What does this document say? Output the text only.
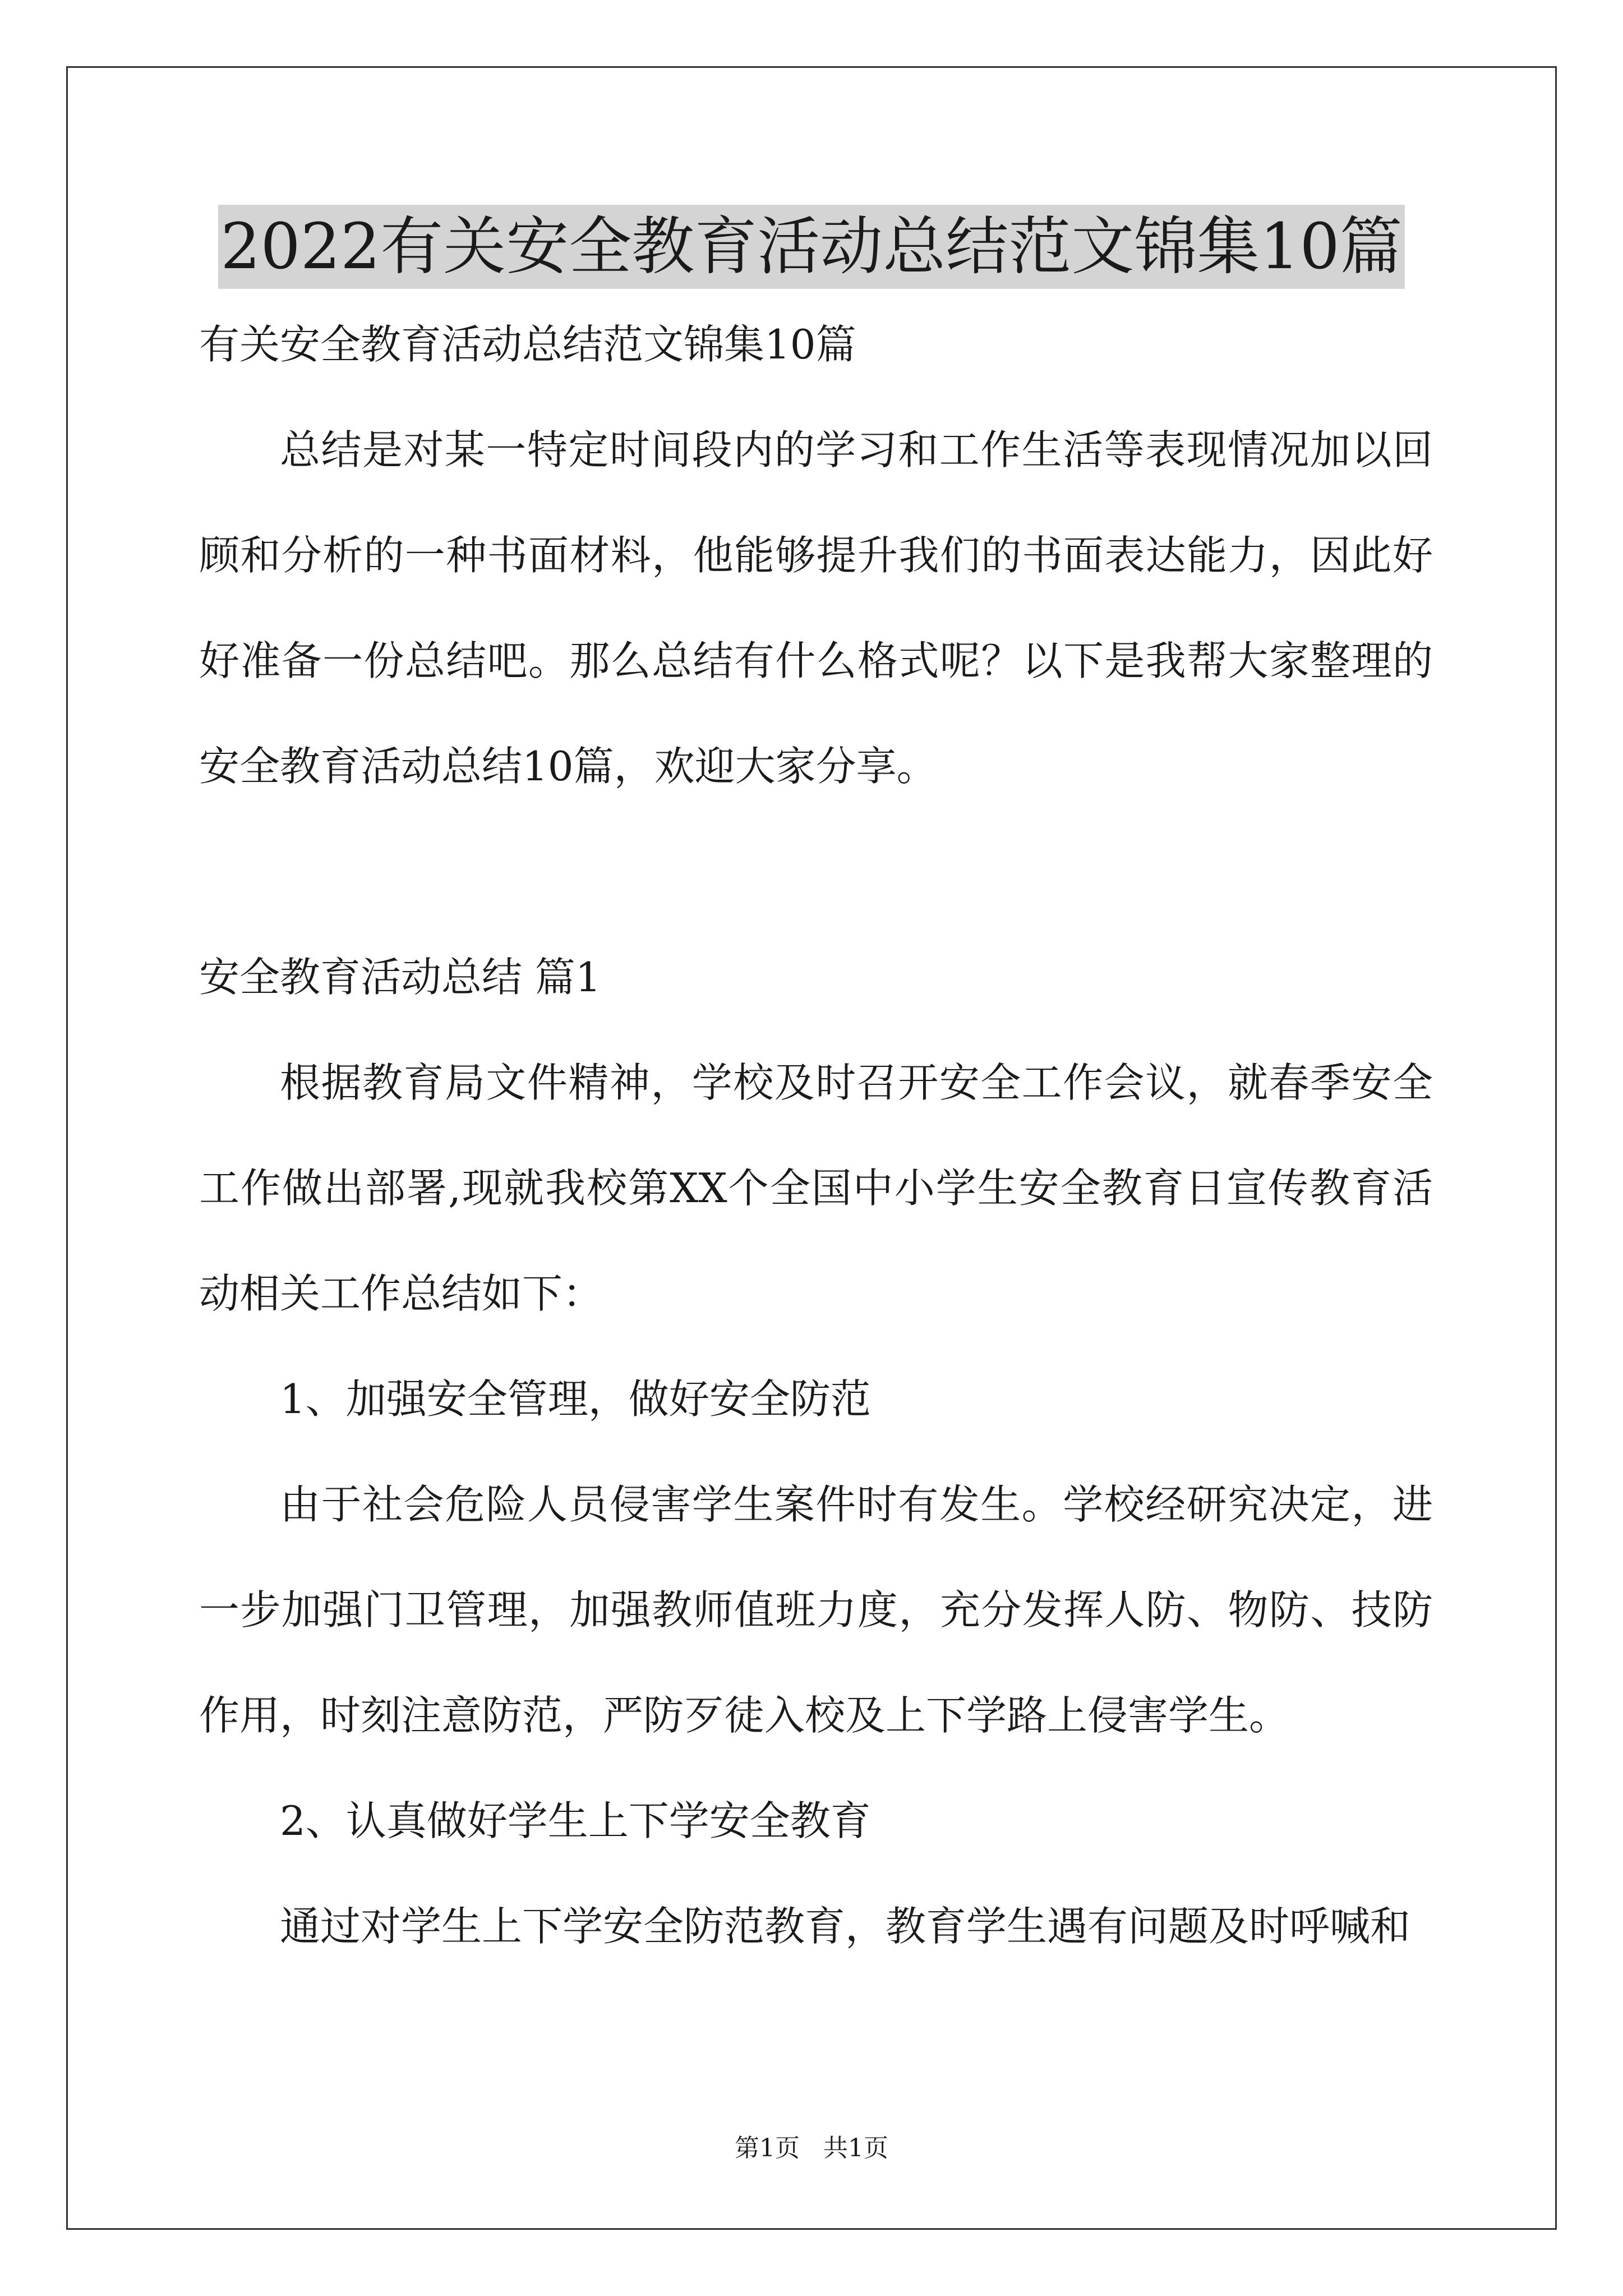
2022有关安全教育活动总结范文锦集10篇

有关安全教育活动总结范文锦集10篇

总结是对某一特定时间段内的学习和工作生活等表现情况加以回顾和分析的一种书面材料，他能够提升我们的书面表达能力，因此好好准备一份总结吧。那么总结有什么格式呢？以下是我帮大家整理的安全教育活动总结10篇，欢迎大家分享。

安全教育活动总结 篇1

根据教育局文件精神，学校及时召开安全工作会议，就春季安全工作做出部署,现就我校第XX个全国中小学生安全教育日宣传教育活动相关工作总结如下：

1、加强安全管理，做好安全防范

由于社会危险人员侵害学生案件时有发生。学校经研究决定，进一步加强门卫管理，加强教师值班力度，充分发挥人防、物防、技防作用，时刻注意防范，严防歹徒入校及上下学路上侵害学生。

2、认真做好学生上下学安全教育

通过对学生上下学安全防范教育，教育学生遇有问题及时呼喊和

第1页 共1页
